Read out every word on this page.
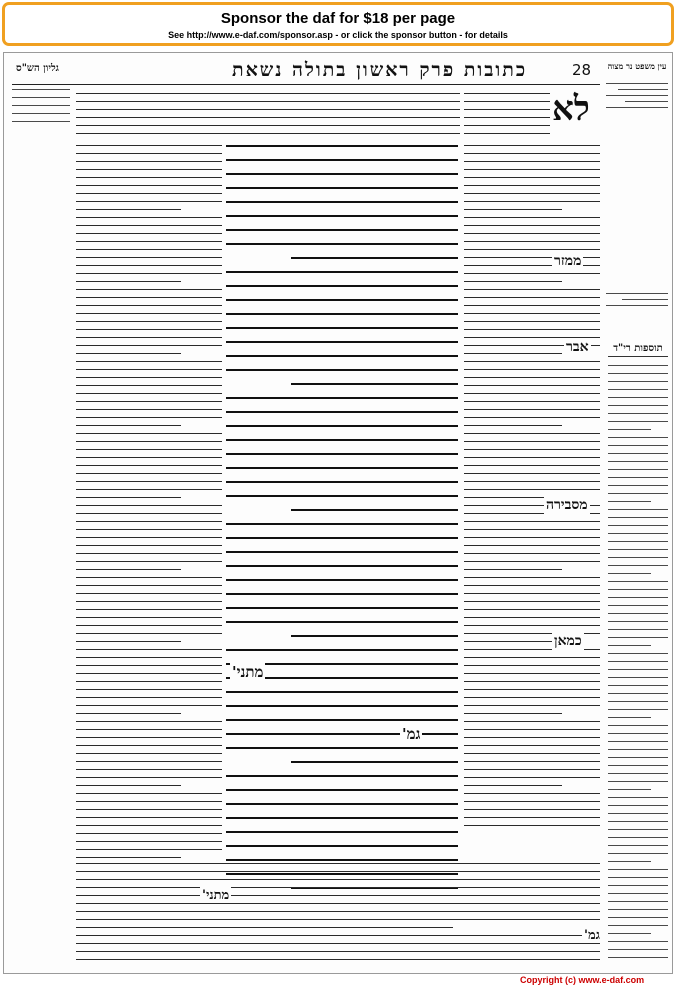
Sponsor the daf for $18 per page
See http://www.e-daf.com/sponsor.asp - or click the sponsor button - for details
28
כתובות פרק ראשון בתולה נשאת
גליון הש"ס	עין משפט נר מצוה
תוספות רי"ד
לא
ממזר
אבר
מסבירה
כמאן
מתני'
גמ'
מתני'
גמ'
Copyright (c) www.e-daf.com
